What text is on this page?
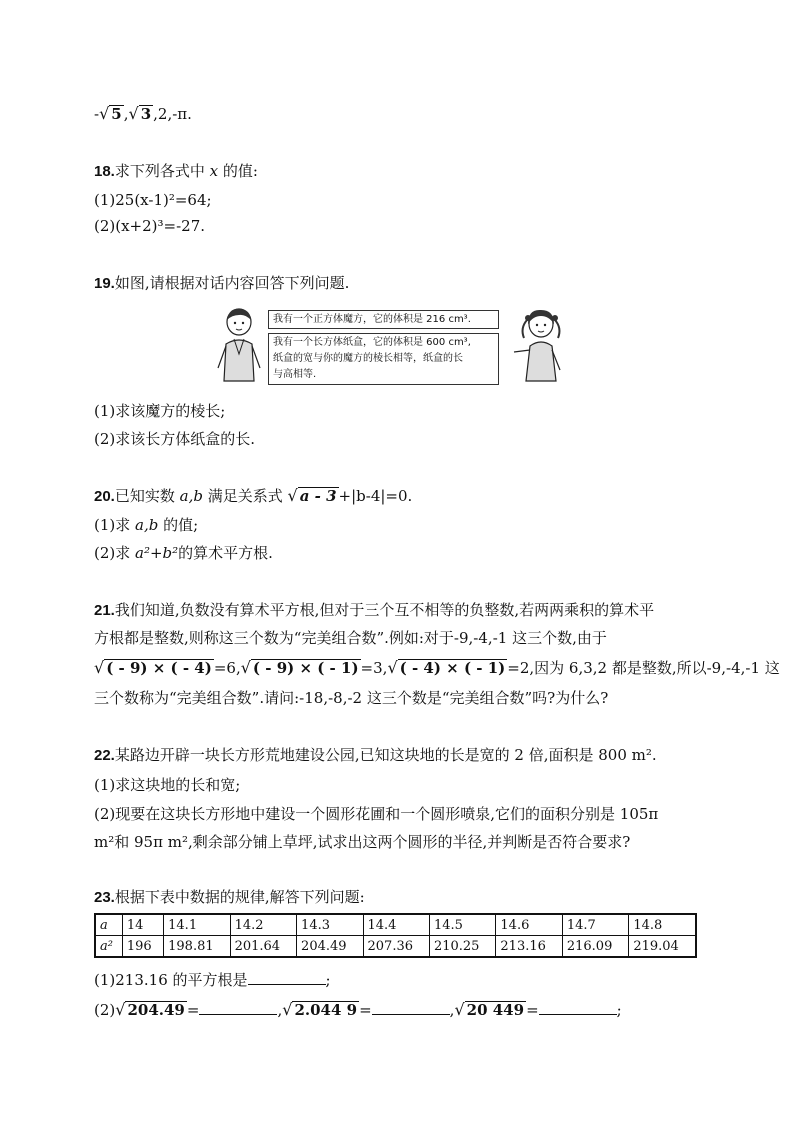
-√ 5 ,√ 3 ,2,-π.
18.求下列各式中 x 的值:
(1)25(x-1)²=64;
(2)(x+2)³=-27.
19.如图,请根据对话内容回答下列问题.
我有一个正方体魔方，它的体积是 216 cm³.
我有一个长方体纸盒，它的体积是 600 cm³,
纸盒的宽与你的魔方的棱长相等，纸盒的长
与高相等.
(1)求该魔方的棱长;
(2)求该长方体纸盒的长.
20.已知实数 a,b 满足关系式 √ a - 3 +|b-4|=0.
(1)求 a,b 的值;
(2)求 a²+b²的算术平方根.
21.我们知道,负数没有算术平方根,但对于三个互不相等的负整数,若两两乘积的算术平
方根都是整数,则称这三个数为“完美组合数”.例如:对于-9,-4,-1 这三个数,由于
√ ( - 9) × ( - 4) =6,√ ( - 9) × ( - 1) =3,√ ( - 4) × ( - 1) =2,因为 6,3,2 都是整数,所以-9,-4,-1 这
三个数称为“完美组合数”.请问:-18,-8,-2 这三个数是“完美组合数”吗?为什么?
22.某路边开辟一块长方形荒地建设公园,已知这块地的长是宽的 2 倍,面积是 800 m².
(1)求这块地的长和宽;
(2)现要在这块长方形地中建设一个圆形花圃和一个圆形喷泉,它们的面积分别是 105π
m²和 95π m²,剩余部分铺上草坪,试求出这两个圆形的半径,并判断是否符合要求?
23.根据下表中数据的规律,解答下列问题:
a	14	14.1	14.2	14.3	14.4	14.5	14.6	14.7	14.8
a²	196	198.81	201.64	204.49	207.36	210.25	213.16	216.09	219.04
(1)213.16 的平方根是	;
(2)√ 204.49 =	,√ 2.044 9 =	,√ 20 449 =	;
